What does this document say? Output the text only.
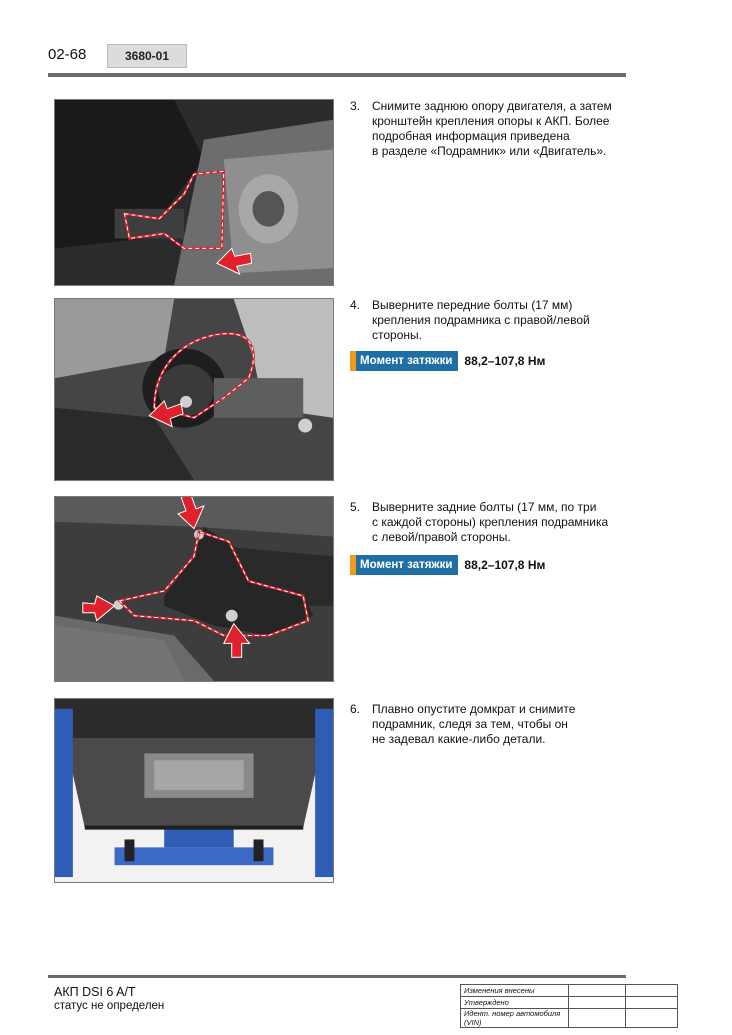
02-68	3680-01
3. Снимите заднюю опору двигателя, а затем
кронштейн крепления опоры к АКП. Более
подробная информация приведена
в разделе «Подрамник» или «Двигатель».
4. Выверните передние болты (17 мм)
крепления подрамника с правой/левой
стороны.
Момент затяжки	88,2–107,8 Нм
5. Выверните задние болты (17 мм, по три
с каждой стороны) крепления подрамника
с левой/правой стороны.
Момент затяжки	88,2–107,8 Нм
6. Плавно опустите домкрат и снимите
подрамник, следя за тем, чтобы он
не задевал какие-либо детали.
АКП DSI 6 A/T
статус не определен
Изменения внесены		
Утверждено		
Идент. номер автомобиля (VIN)		
